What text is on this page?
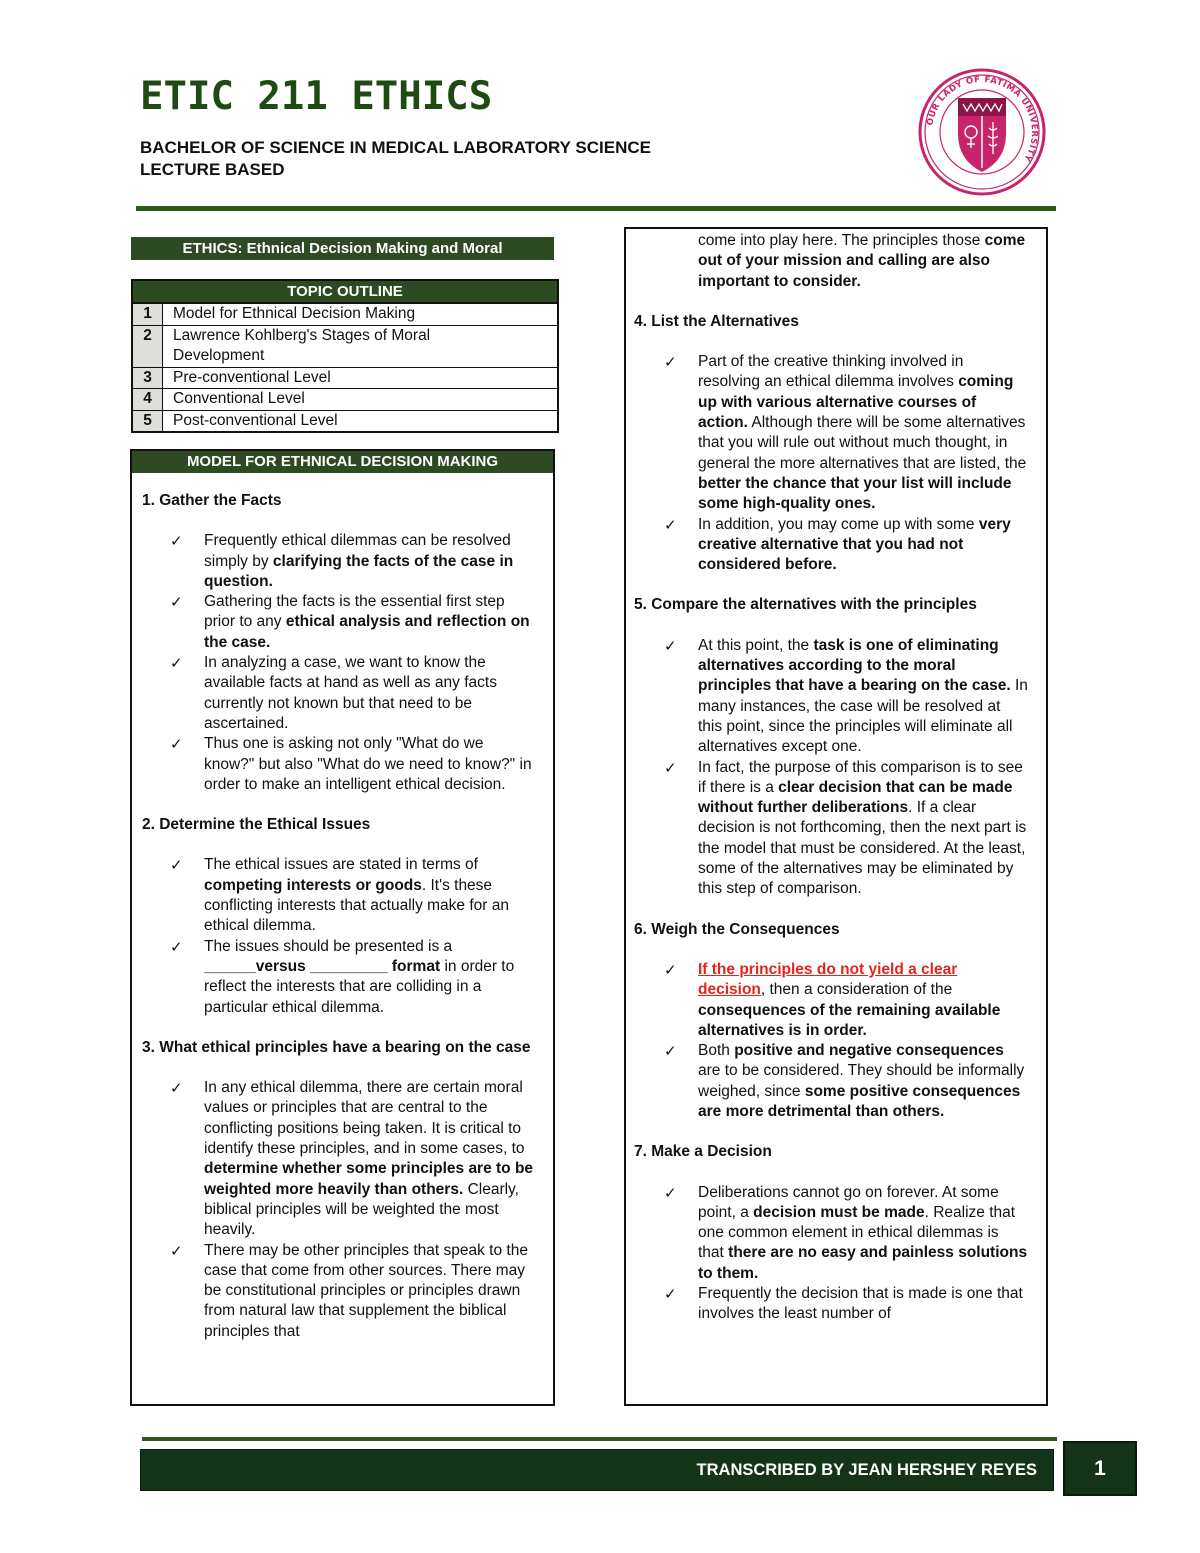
ETIC 211 ETHICS
BACHELOR OF SCIENCE IN MEDICAL LABORATORY SCIENCE
LECTURE BASED
OUR LADY OF FATIMA UNIVERSITY
ETHICS: Ethnical Decision Making and Moral
TOPIC OUTLINE
1	Model for Ethnical Decision Making
2	Lawrence Kohlberg's Stages of Moral Development
3	Pre-conventional Level
4	Conventional Level
5	Post-conventional Level
MODEL FOR ETHNICAL DECISION MAKING
1. Gather the Facts
✓ Frequently ethical dilemmas can be resolved simply by clarifying the facts of the case in question.
✓ Gathering the facts is the essential first step prior to any ethical analysis and reflection on the case.
✓ In analyzing a case, we want to know the available facts at hand as well as any facts currently not known but that need to be ascertained.
✓ Thus one is asking not only "What do we know?" but also "What do we need to know?" in order to make an intelligent ethical decision.
2. Determine the Ethical Issues
✓ The ethical issues are stated in terms of competing interests or goods. It's these conflicting interests that actually make for an ethical dilemma.
✓ The issues should be presented is a ______versus _________ format in order to reflect the interests that are colliding in a particular ethical dilemma.
3. What ethical principles have a bearing on the case
✓ In any ethical dilemma, there are certain moral values or principles that are central to the conflicting positions being taken. It is critical to identify these principles, and in some cases, to determine whether some principles are to be weighted more heavily than others. Clearly, biblical principles will be weighted the most heavily.
✓ There may be other principles that speak to the case that come from other sources. There may be constitutional principles or principles drawn from natural law that supplement the biblical principles that
come into play here. The principles those come out of your mission and calling are also important to consider.
4. List the Alternatives
✓ Part of the creative thinking involved in resolving an ethical dilemma involves coming up with various alternative courses of action. Although there will be some alternatives that you will rule out without much thought, in general the more alternatives that are listed, the better the chance that your list will include some high-quality ones.
✓ In addition, you may come up with some very creative alternative that you had not considered before.
5. Compare the alternatives with the principles
✓ At this point, the task is one of eliminating alternatives according to the moral principles that have a bearing on the case. In many instances, the case will be resolved at this point, since the principles will eliminate all alternatives except one.
✓ In fact, the purpose of this comparison is to see if there is a clear decision that can be made without further deliberations. If a clear decision is not forthcoming, then the next part is the model that must be considered. At the least, some of the alternatives may be eliminated by this step of comparison.
6. Weigh the Consequences
✓ If the principles do not yield a clear decision, then a consideration of the consequences of the remaining available alternatives is in order.
✓ Both positive and negative consequences are to be considered. They should be informally weighed, since some positive consequences are more detrimental than others.
7. Make a Decision
✓ Deliberations cannot go on forever. At some point, a decision must be made. Realize that one common element in ethical dilemmas is that there are no easy and painless solutions to them.
✓ Frequently the decision that is made is one that involves the least number of
TRANSCRIBED BY JEAN HERSHEY REYES	1
